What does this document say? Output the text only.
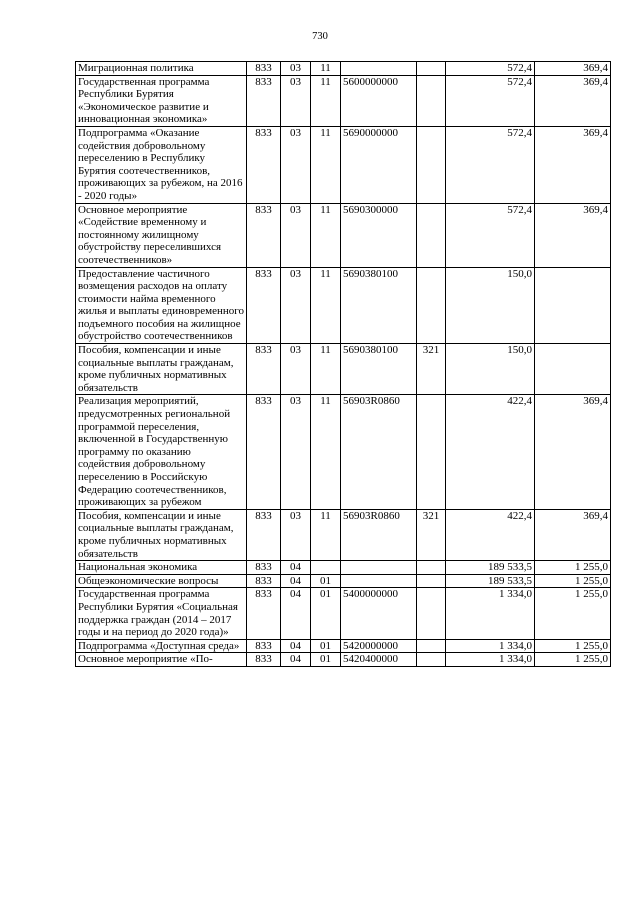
730
Миграционная политика	833	03	11			572,4	369,4
Государственная программа Республики Бурятия «Экономическое развитие и инновационная экономика»	833	03	11	5600000000		572,4	369,4
Подпрограмма «Оказание содействия добровольному переселению в Республику Бурятия соотечественников, проживающих за рубежом, на 2016 - 2020 годы»	833	03	11	5690000000		572,4	369,4
Основное мероприятие «Содействие временному и постоянному жилищному обустройству переселившихся соотечественников»	833	03	11	5690300000		572,4	369,4
Предоставление частичного возмещения расходов на оплату стоимости найма временного жилья и выплаты единовременного подъемного пособия на жилищное обустройство соотечественников	833	03	11	5690380100		150,0	
Пособия, компенсации и иные социальные выплаты гражданам, кроме публичных нормативных обязательств	833	03	11	5690380100	321	150,0	
Реализация мероприятий, предусмотренных региональной программой переселения, включенной в Государственную программу по оказанию содействия добровольному переселению в Российскую Федерацию соотечественников, проживающих за рубежом	833	03	11	56903R0860		422,4	369,4
Пособия, компенсации и иные социальные выплаты гражданам, кроме публичных нормативных обязательств	833	03	11	56903R0860	321	422,4	369,4
Национальная экономика	833	04				189 533,5	1 255,0
Общеэкономические вопросы	833	04	01			189 533,5	1 255,0
Государственная программа Республики Бурятия «Социальная поддержка граждан (2014 – 2017 годы и на период до 2020 года)»	833	04	01	5400000000		1 334,0	1 255,0
Подпрограмма «Доступная среда»	833	04	01	5420000000		1 334,0	1 255,0
Основное мероприятие «По-	833	04	01	5420400000		1 334,0	1 255,0
